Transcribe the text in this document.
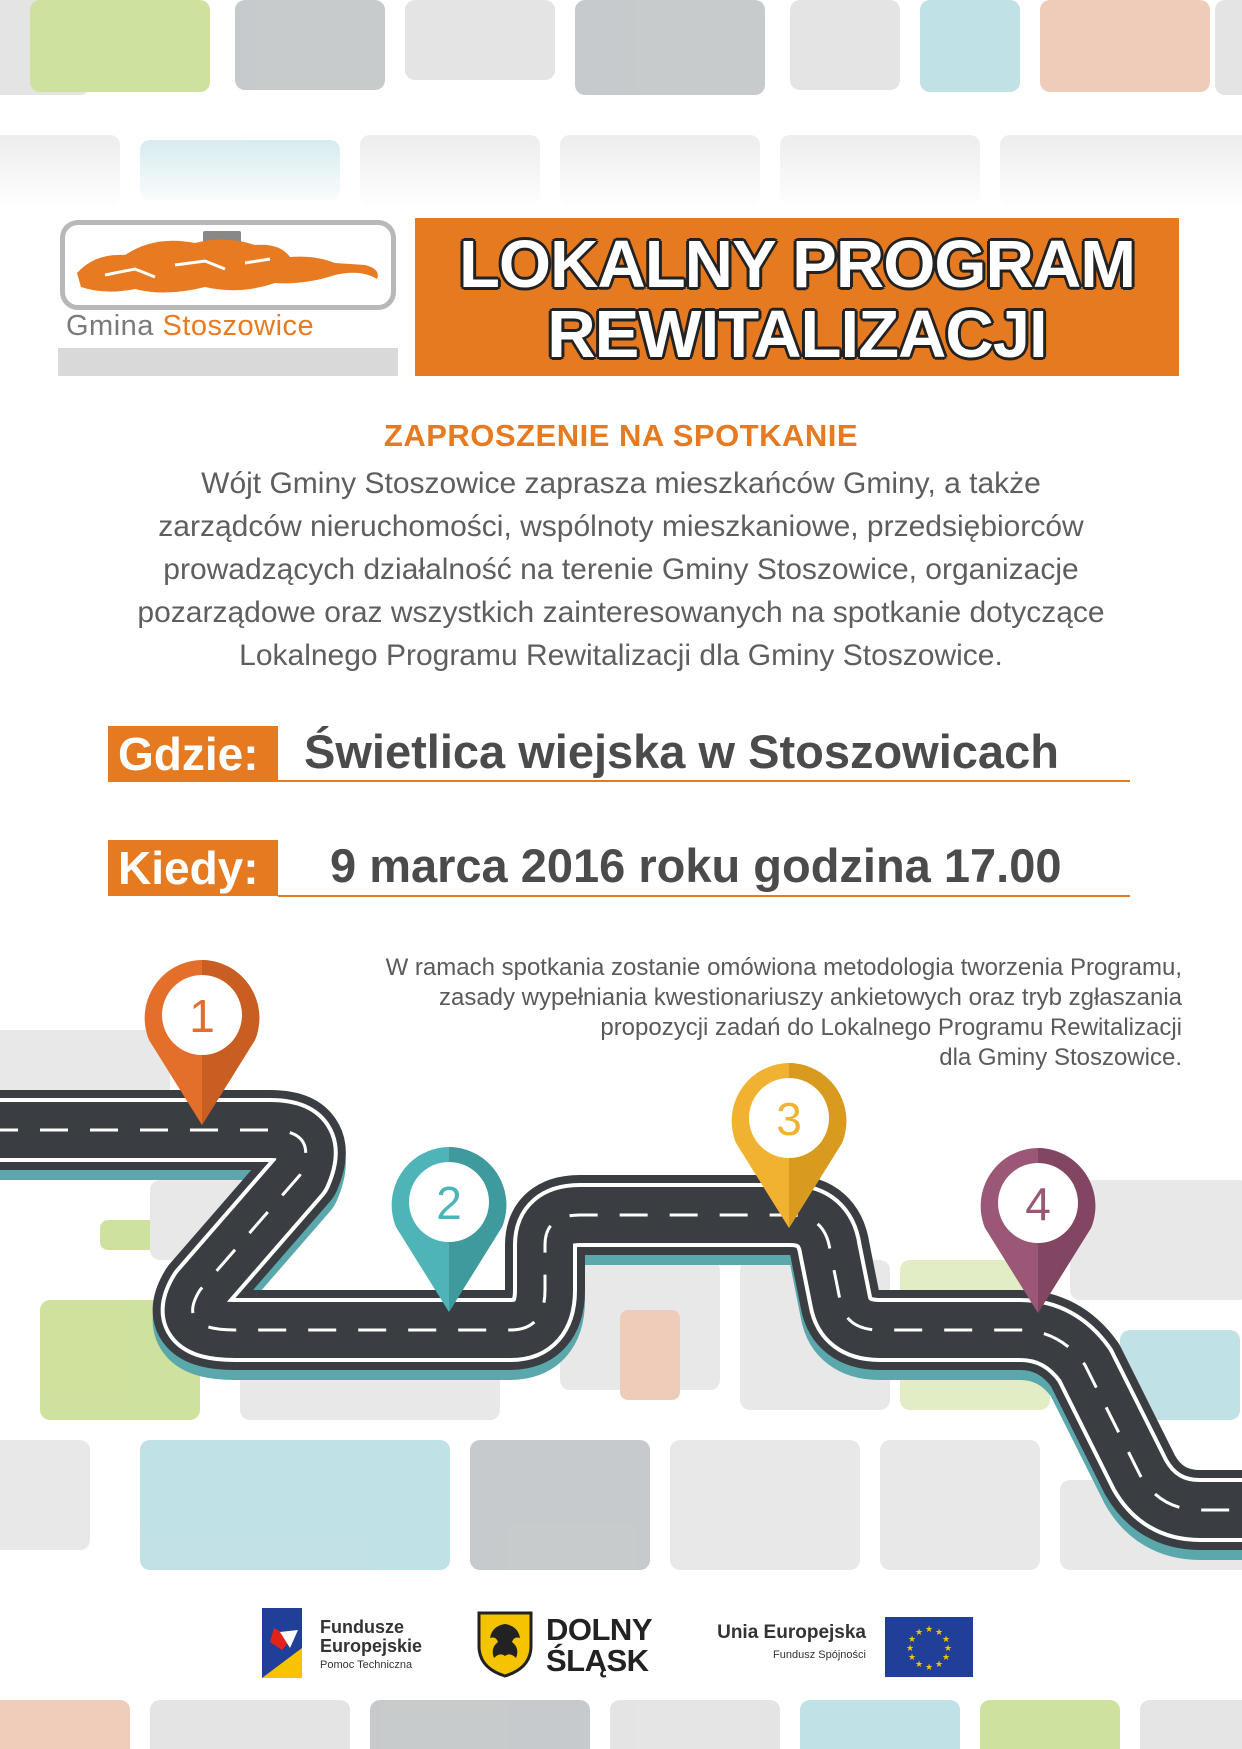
1
2
3
4
Gmina Stoszowice
LOKALNY PROGRAM
REWITALIZACJI
ZAPROSZENIE NA SPOTKANIE
Wójt Gminy Stoszowice zaprasza mieszkańców Gminy, a także
zarządców nieruchomości, wspólnoty mieszkaniowe, przedsiębiorców
prowadzących działalność na terenie Gminy Stoszowice, organizacje
pozarządowe oraz wszystkich zainteresowanych na spotkanie dotyczące
Lokalnego Programu Rewitalizacji dla Gminy Stoszowice.
Gdzie: Świetlica wiejska w Stoszowicach
Kiedy:	9 marca 2016 roku godzina 17.00
W ramach spotkania zostanie omówiona metodologia tworzenia Programu,
zasady wypełniania kwestionariuszy ankietowych oraz tryb zgłaszania
propozycji zadań do Lokalnego Programu Rewitalizacji
dla Gminy Stoszowice.
Fundusze
Europejskie
Pomoc Techniczna
DOLNY
ŚLĄSK
Unia Europejska
Fundusz Spójności
★ ★
★
★
★
★
★
★
★
★
★
★
